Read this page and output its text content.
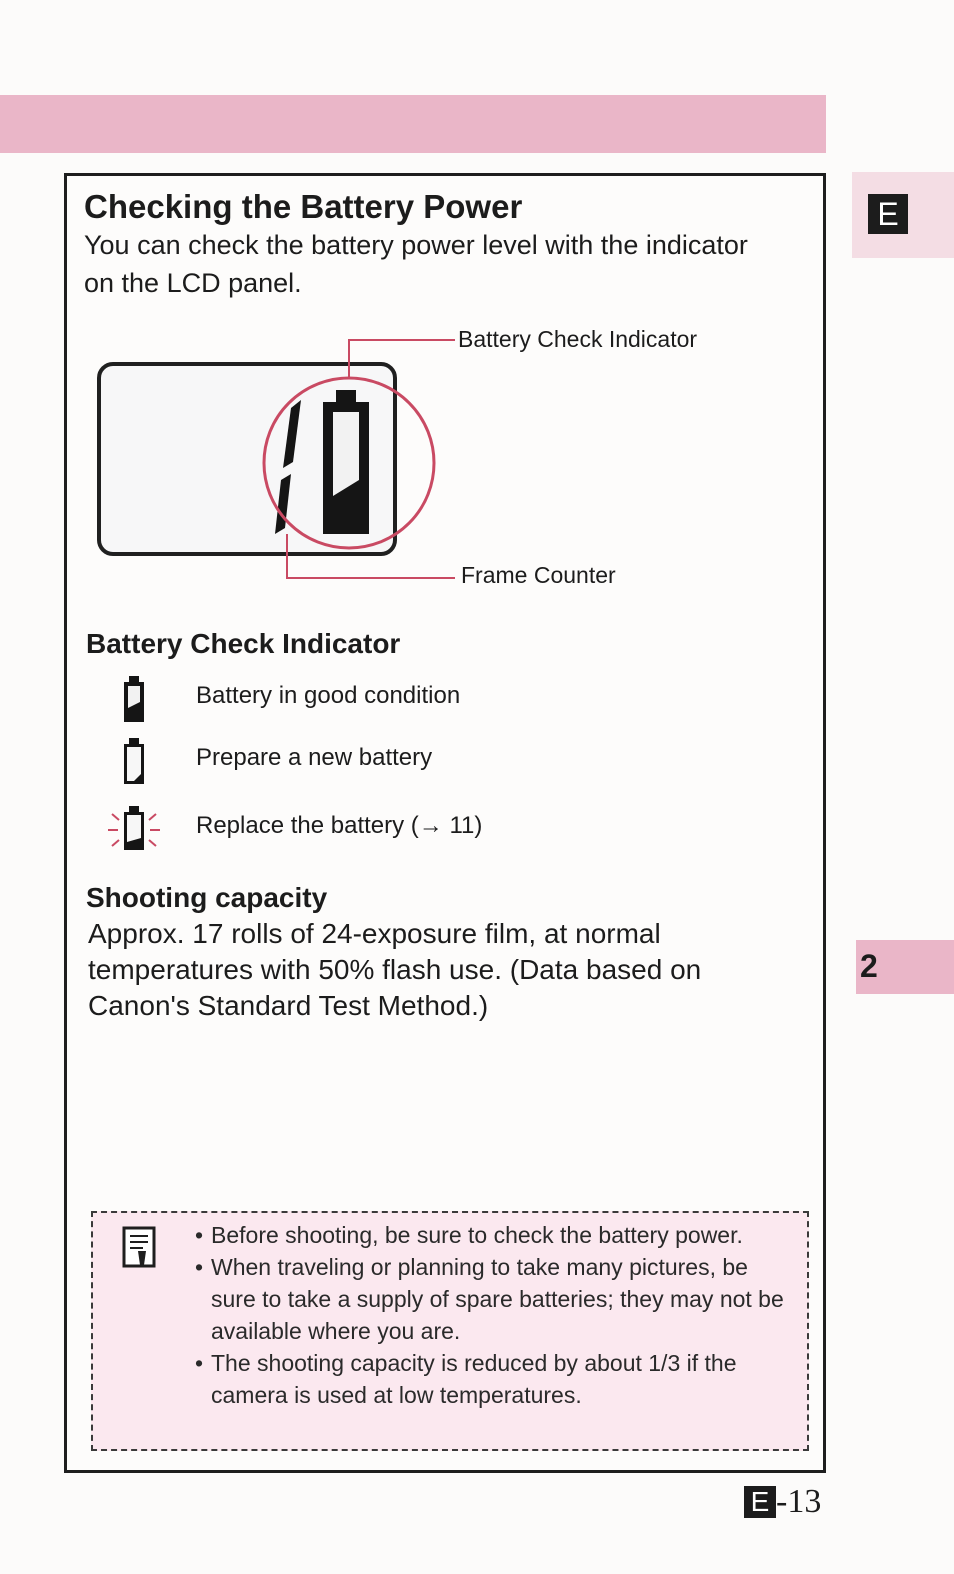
E
2
Checking the Battery Power

You can check the battery power level with the indicator on the LCD panel.

Battery Check Indicator
Frame Counter
Battery Check Indicator
Battery in good condition
Prepare a new battery
Replace the battery (→ 11)
Shooting capacity

Approx. 17 rolls of 24-exposure film, at normal temperatures with 50% flash use. (Data based on Canon's Standard Test Method.)

• Before shooting, be sure to check the battery power.
• When traveling or planning to take many pictures, be sure to take a supply of spare batteries; they may not be available where you are.
• The shooting capacity is reduced by about 1/3 if the camera is used at low temperatures.
E -13
